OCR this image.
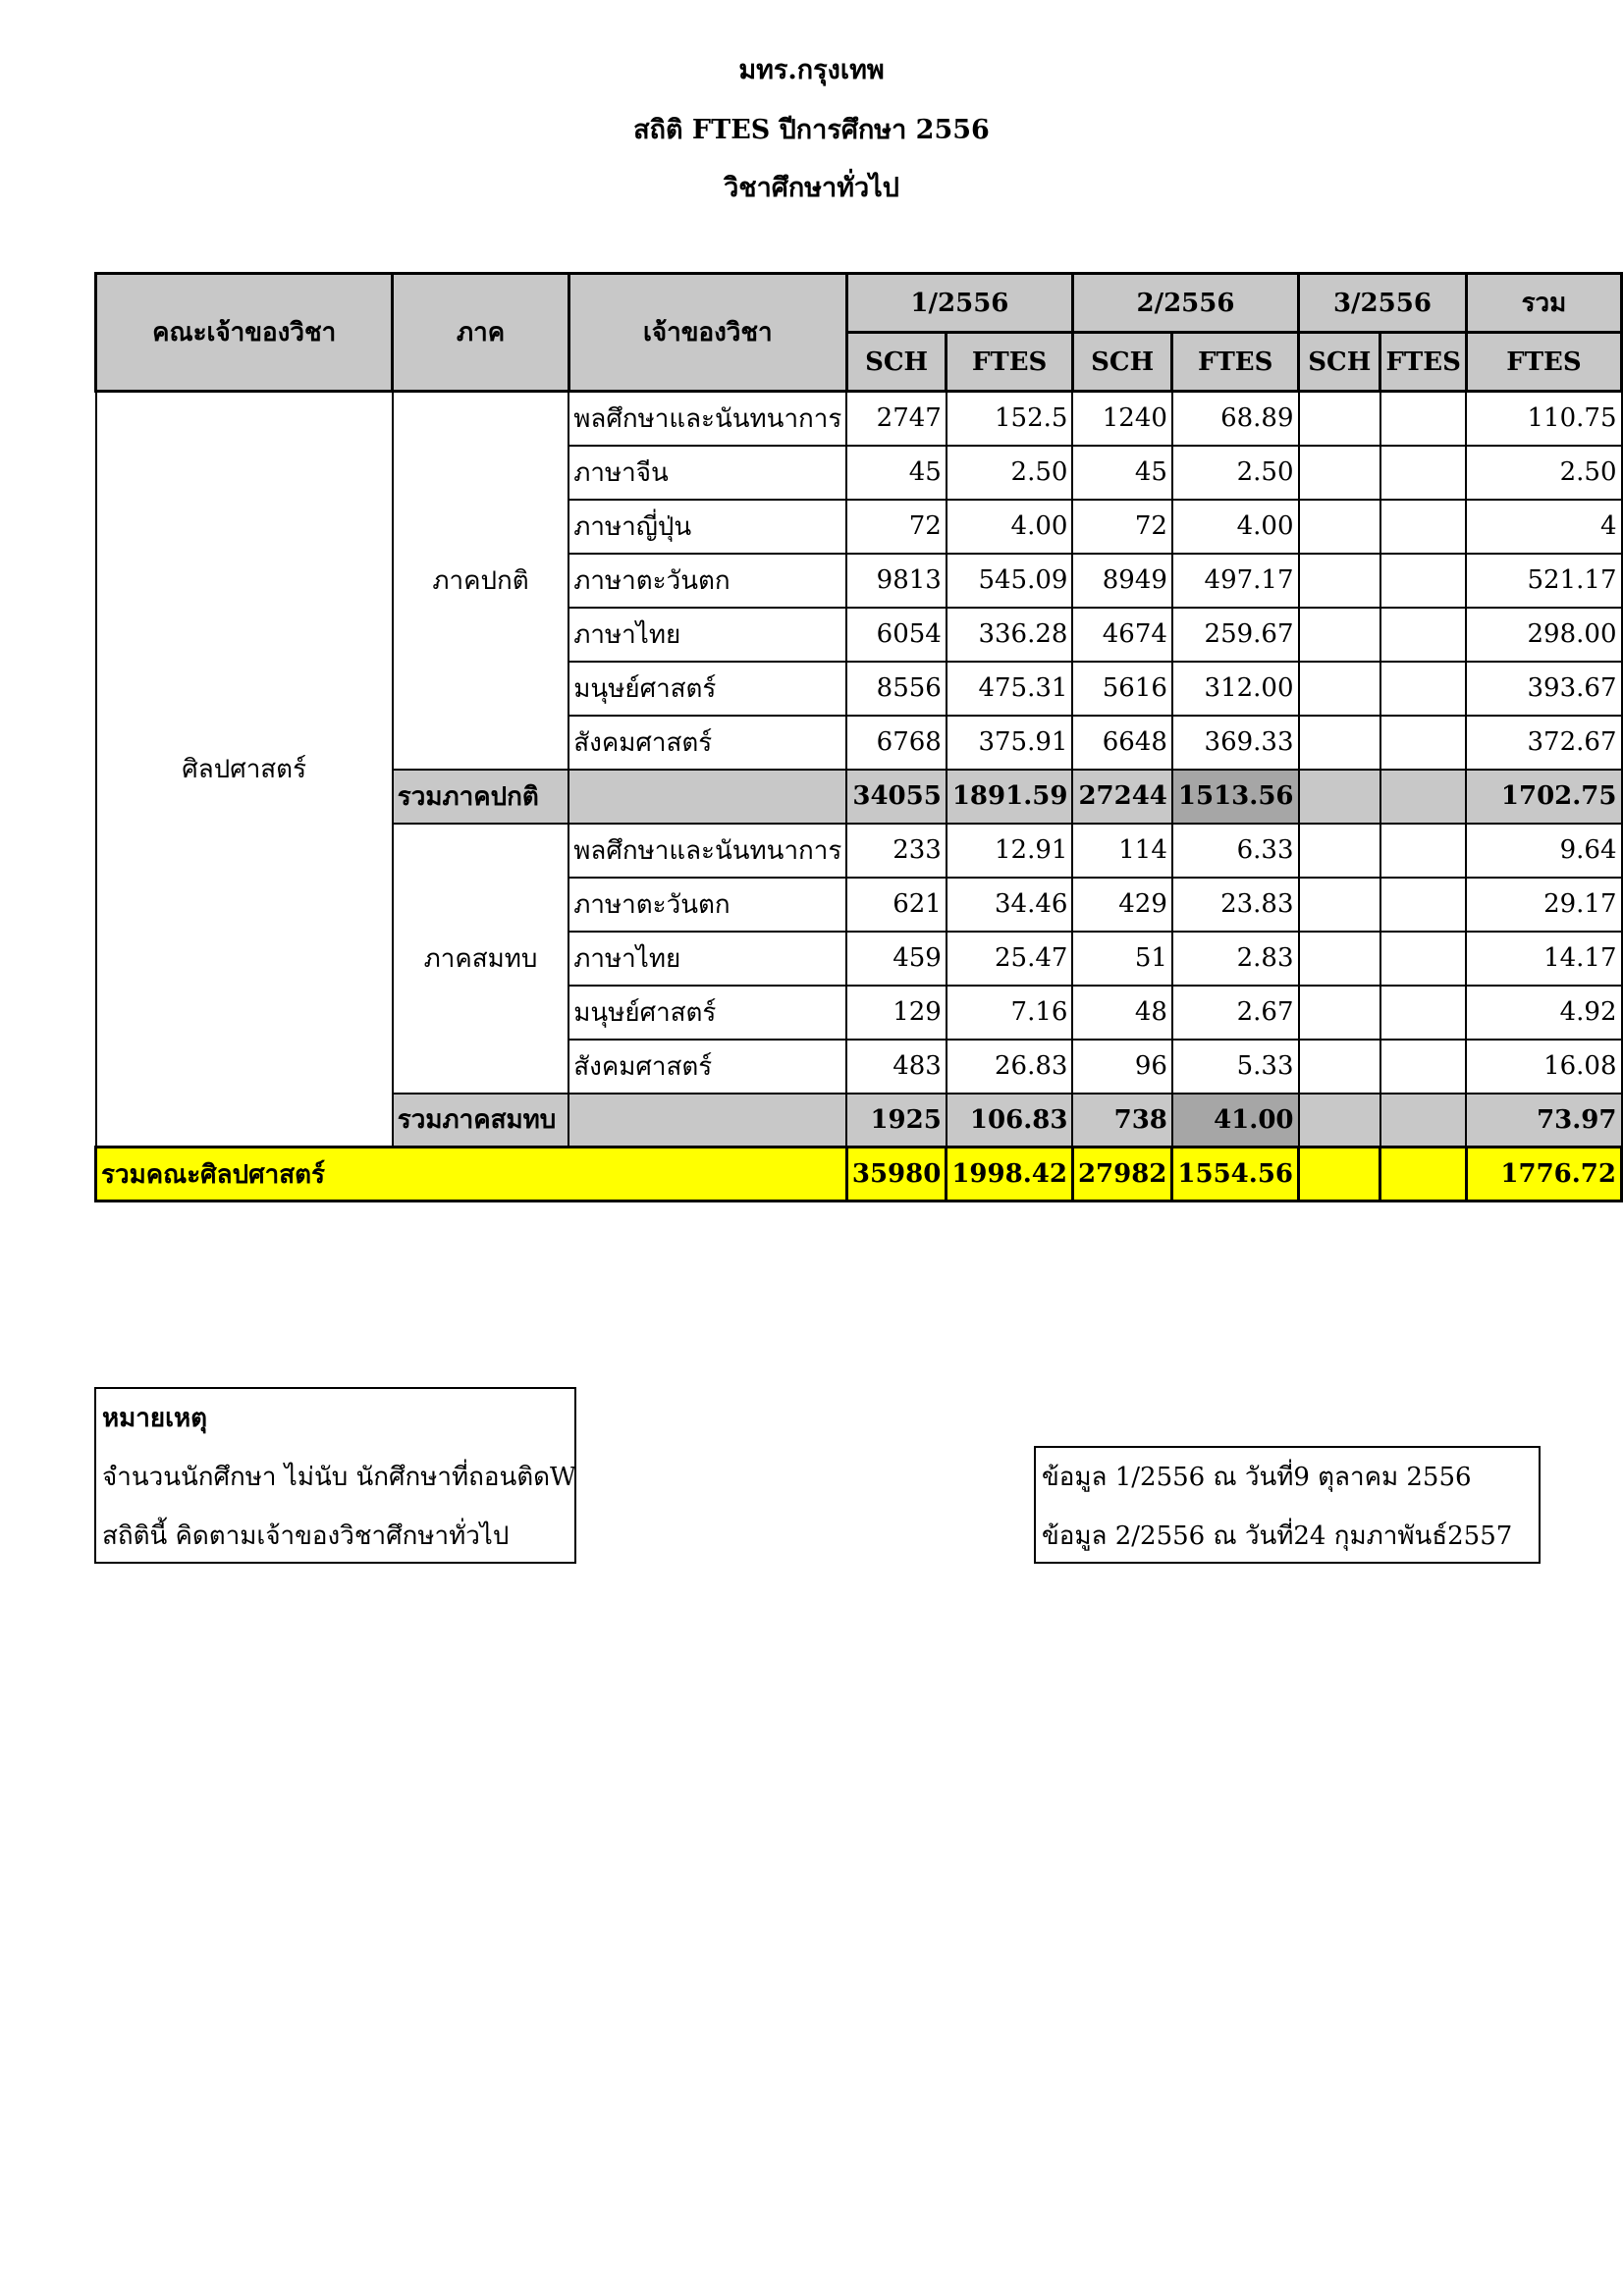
มทร.กรุงเทพ
สถิติ FTES ปีการศึกษา 2556
วิชาศึกษาทั่วไป
คณะเจ้าของวิชา	ภาค	เจ้าของวิชา	1/2556		2/2556		3/2556		รวม
			SCH	FTES	SCH	FTES	SCH	FTES	FTES
ศิลปศาสตร์	ภาคปกติ	พลศึกษาและนันทนาการ	2747	152.5	1240	68.89			110.75
		ภาษาจีน	45	2.50	45	2.50			2.50
		ภาษาญี่ปุ่น	72	4.00	72	4.00			4
		ภาษาตะวันตก	9813	545.09	8949	497.17			521.17
		ภาษาไทย	6054	336.28	4674	259.67			298.00
		มนุษย์ศาสตร์	8556	475.31	5616	312.00			393.67
		สังคมศาสตร์	6768	375.91	6648	369.33			372.67
	รวมภาคปกติ		34055	1891.59	27244	1513.56			1702.75
	ภาคสมทบ	พลศึกษาและนันทนาการ	233	12.91	114	6.33			9.64
		ภาษาตะวันตก	621	34.46	429	23.83			29.17
		ภาษาไทย	459	25.47	51	2.83			14.17
		มนุษย์ศาสตร์	129	7.16	48	2.67			4.92
		สังคมศาสตร์	483	26.83	96	5.33			16.08
	รวมภาคสมทบ		1925	106.83	738	41.00			73.97
รวมคณะศิลปศาสตร์			35980	1998.42	27982	1554.56			1776.72
หมายเหตุ
จำนวนนักศึกษา ไม่นับ นักศึกษาที่ถอนติดW
สถิตินี้ คิดตามเจ้าของวิชาศึกษาทั่วไป
ข้อมูล 1/2556 ณ วันที่9 ตุลาคม 2556
ข้อมูล 2/2556 ณ วันที่24 กุมภาพันธ์2557
